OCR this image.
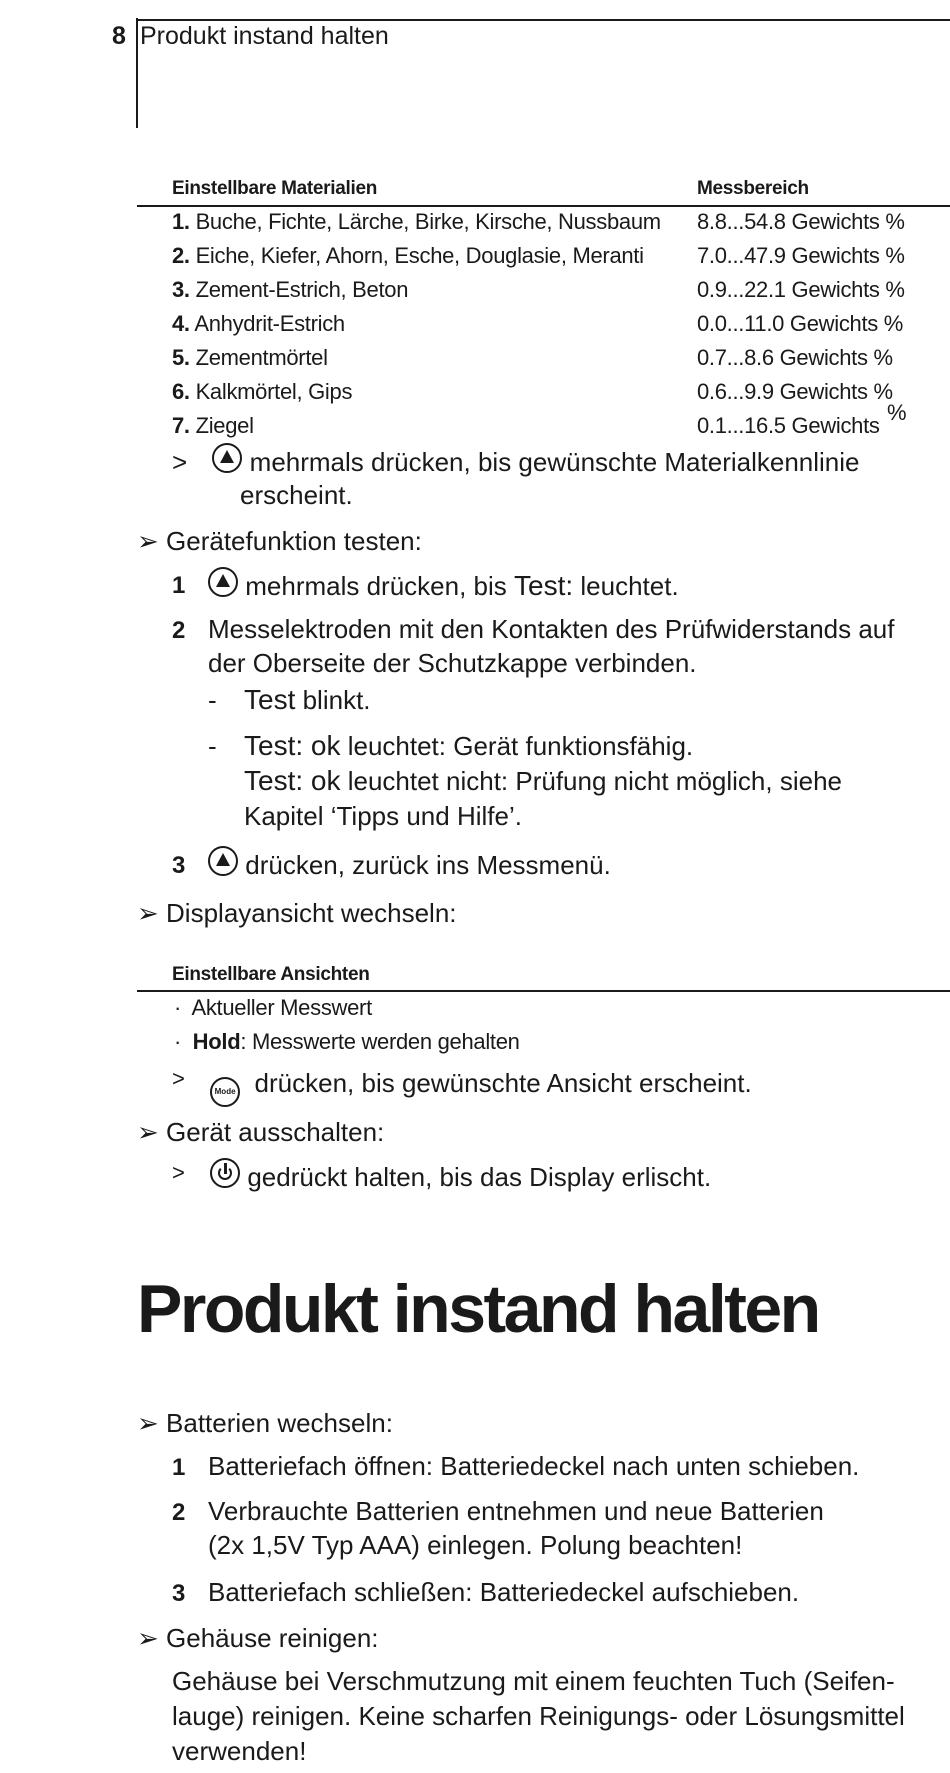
8 Produkt instand halten
Einstellbare Materialien	Messbereich
1. Buche, Fichte, Lärche, Birke, Kirsche, Nussbaum 8.8...54.8 Gewichts %
2. Eiche, Kiefer, Ahorn, Esche, Douglasie, Meranti 7.0...47.9 Gewichts %
3. Zement-Estrich, Beton	0.9...22.1 Gewichts %
4. Anhydrit-Estrich	0.0...11.0 Gewichts %
5. Zementmörtel	0.7...8.6 Gewichts %
6. Kalkmörtel, Gips	0.6...9.9 Gewichts %
7. Ziegel	0.1...16.5 Gewichts
%
> mehrmals drücken, bis gewünschte Materialkennlinie
erscheint.
➢ Gerätefunktion testen:
1	mehrmals drücken, bis Test: leuchtet.
2 Messelektroden mit den Kontakten des Prüfwiderstands auf
der Oberseite der Schutzkappe verbinden.
- Test blinkt.
- Test: ok leuchtet: Gerät funktionsfähig.
Test: ok leuchtet nicht: Prüfung nicht möglich, siehe
Kapitel ‘Tipps und Hilfe’.
3	drücken, zurück ins Messmenü.
➢ Displayansicht wechseln:
Einstellbare Ansichten
· Aktueller Messwert
· Hold: Messwerte werden gehalten
> Mode drücken, bis gewünschte Ansicht erscheint.
➢ Gerät ausschalten:
> gedrückt halten, bis das Display erlischt.
Produkt instand halten
➢ Batterien wechseln:
1 Batteriefach öffnen: Batteriedeckel nach unten schieben.
2 Verbrauchte Batterien entnehmen und neue Batterien
(2x 1,5V Typ AAA) einlegen. Polung beachten!
3 Batteriefach schließen: Batteriedeckel aufschieben.
➢ Gehäuse reinigen:
Gehäuse bei Verschmutzung mit einem feuchten Tuch (Seifen-
lauge) reinigen. Keine scharfen Reinigungs- oder Lösungsmittel
verwenden!
